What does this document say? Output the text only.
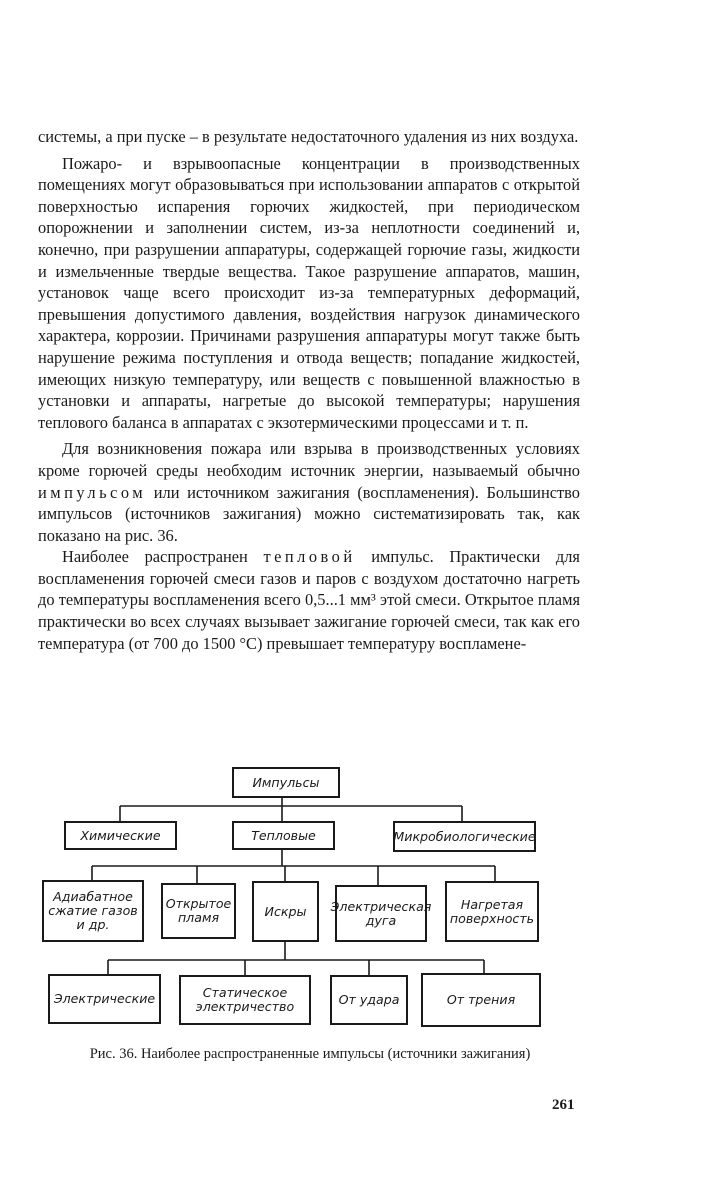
системы, а при пуске – в результате недостаточного удаления из них воздуха.

Пожаро- и взрывоопасные концентрации в производственных помещениях могут образовываться при использовании аппаратов с открытой поверхностью испарения горючих жидкостей, при периодическом опорожнении и заполнении систем, из-за неплотности соединений и, конечно, при разрушении аппаратуры, содержащей горючие газы, жидкости и измельченные твердые вещества. Такое разрушение аппаратов, машин, установок чаще всего происходит из-за температурных деформаций, превышения допустимого давления, воздействия нагрузок динамического характера, коррозии. Причинами разрушения аппаратуры могут также быть нарушение режима поступления и отвода веществ; попадание жидкостей, имеющих низкую температуру, или веществ с повышенной влажностью в установки и аппараты, нагретые до высокой температуры; нарушения теплового баланса в аппаратах с экзотермическими процессами и т. п.

Для возникновения пожара или взрыва в производственных условиях кроме горючей среды необходим источник энергии, называемый обычно импульсом или источником зажигания (воспламенения). Большинство импульсов (источников зажигания) можно систематизировать так, как показано на рис. 36.

Наиболее распространен тепловой импульс. Практически для воспламенения горючей смеси газов и паров с воздухом достаточно нагреть до температуры воспламенения всего 0,5...1 мм³ этой смеси. Открытое пламя практически во всех случаях вызывает зажигание горючей смеси, так как его температура (от 700 до 1500 °С) превышает температуру воспламене-

Импульсы
Химические	Тепловые	Микробиологические
Адиабатное сжатие газов и др.
Открытое пламя	Искры	Электрическая дуга
Нагретая поверхность
Электрические	Статическое электричество	От удара	От трения
Рис. 36. Наиболее распространенные импульсы (источники зажигания)
261
